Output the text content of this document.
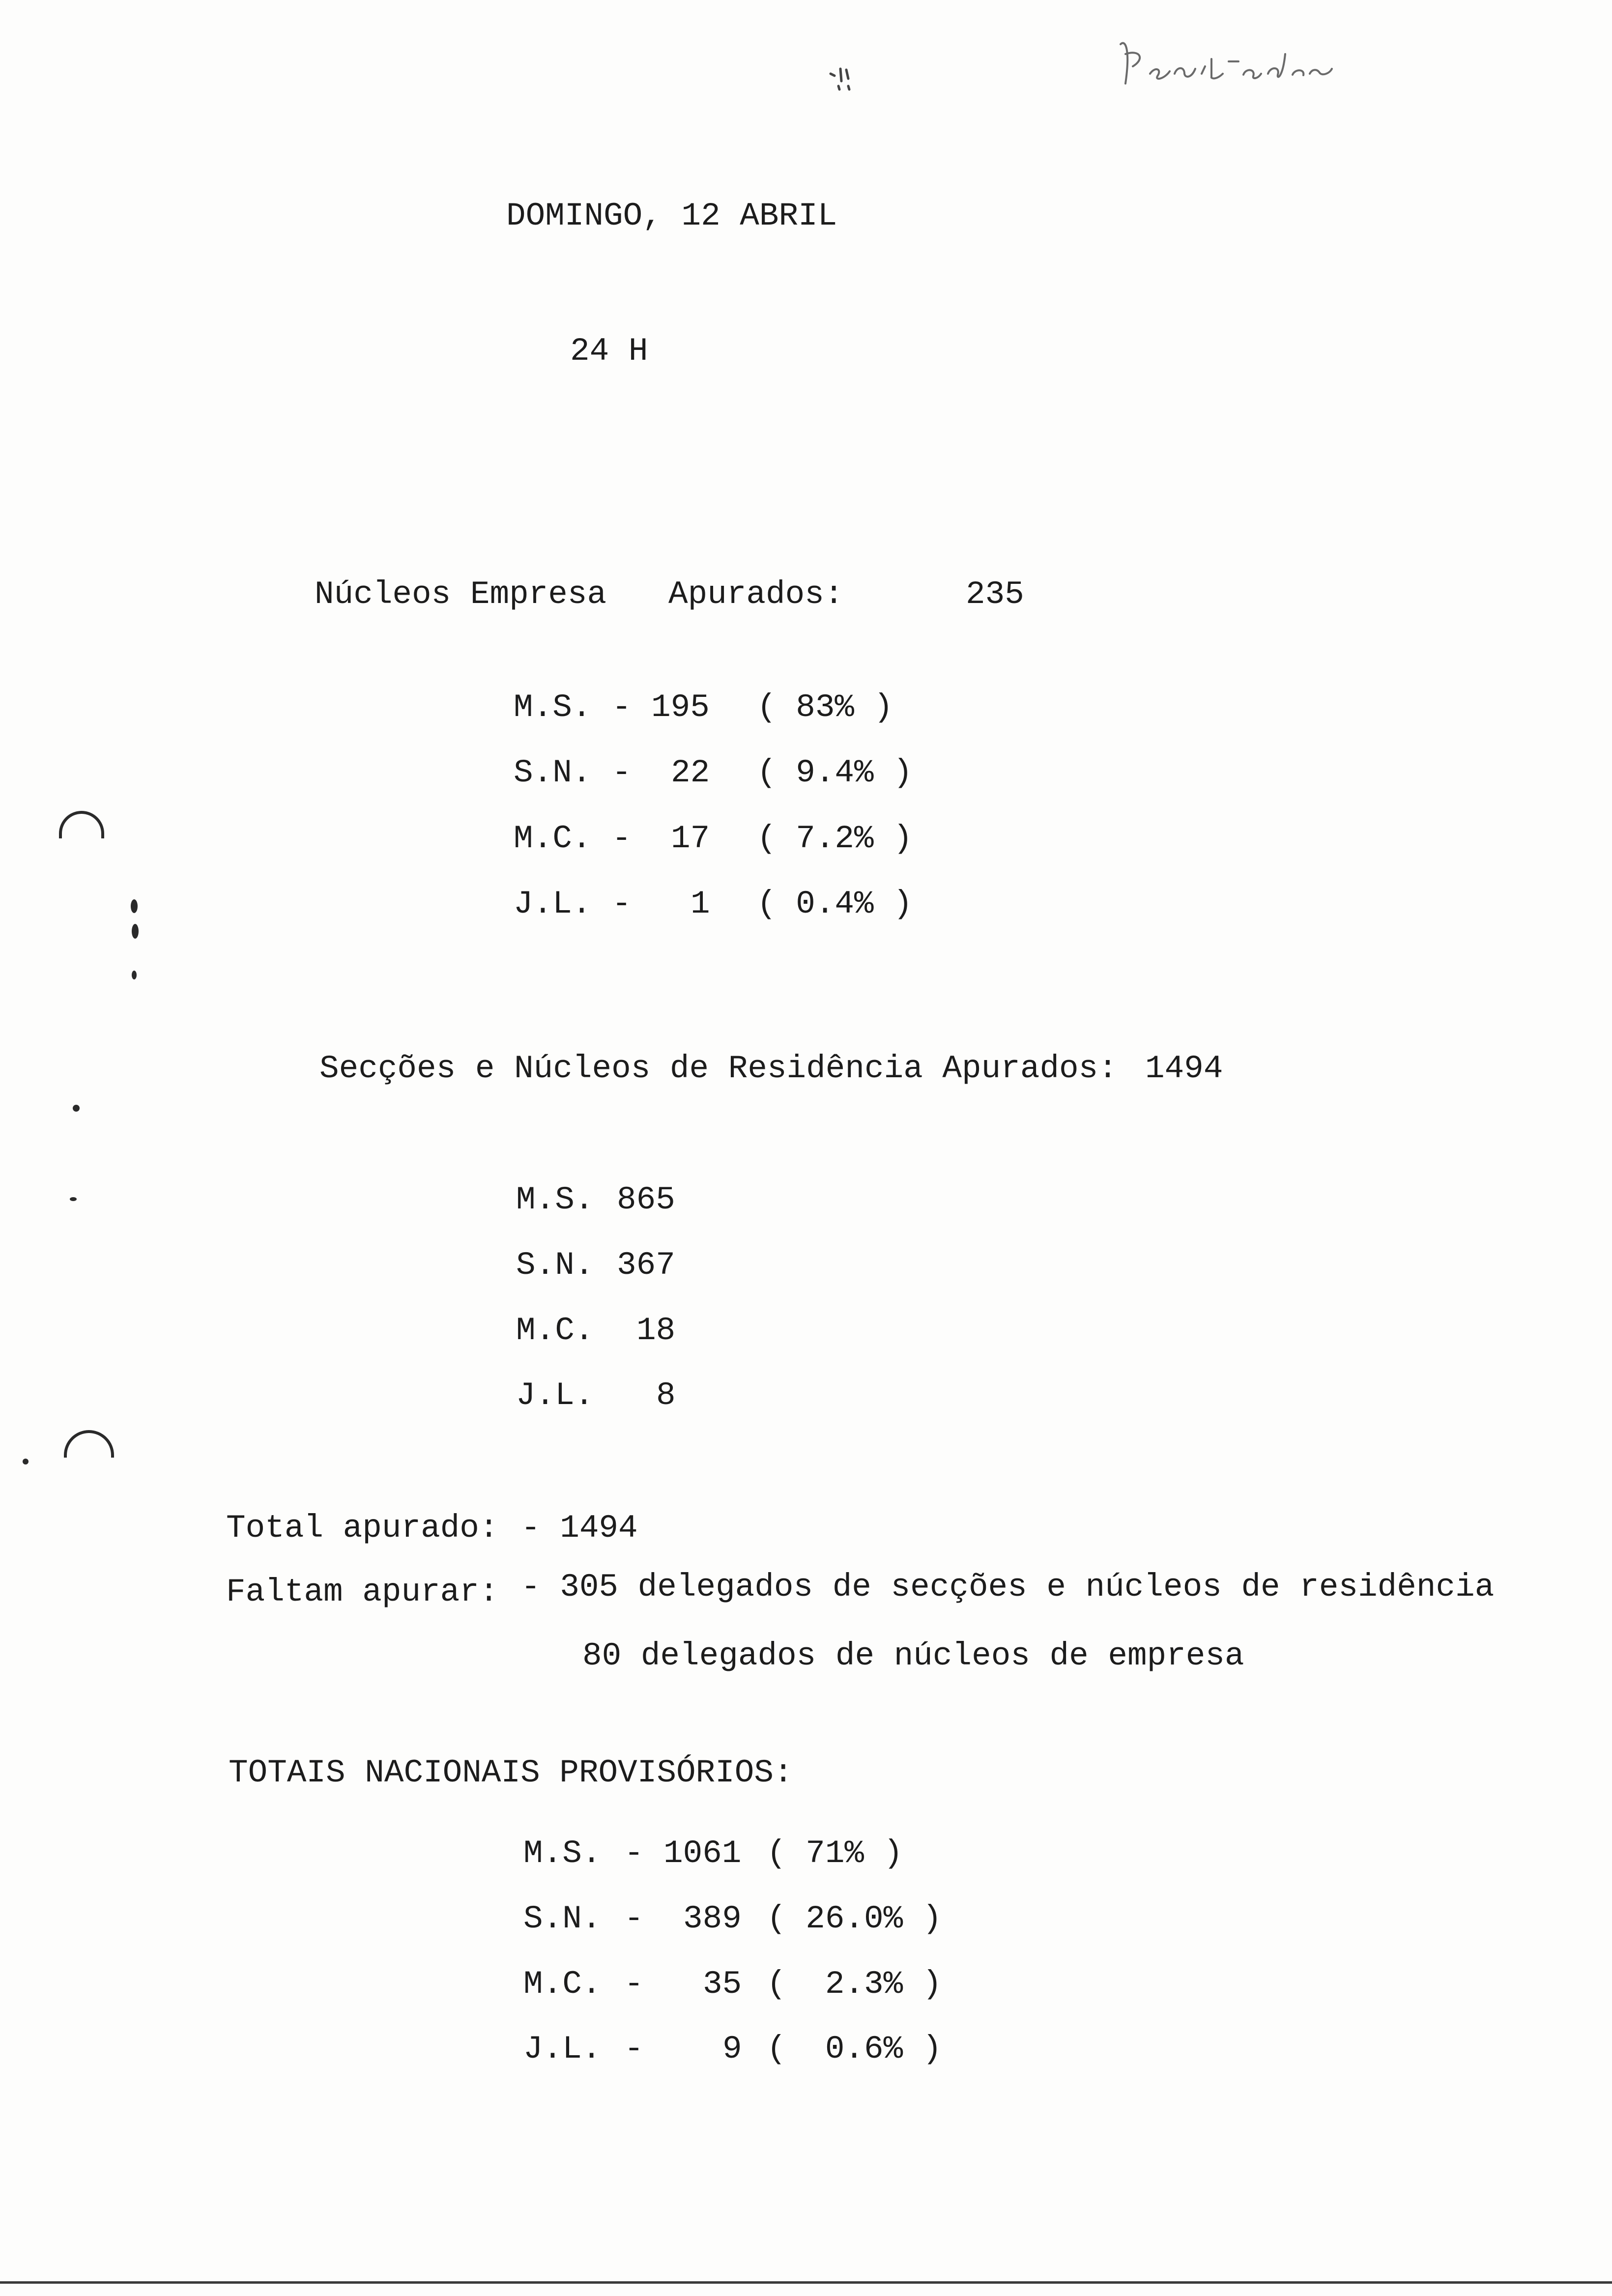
DOMINGO, 12 ABRIL
24 H
Núcleos Empresa Apurados:	235
M.S. - 195 ( 83% )
S.N. - 22 ( 9.4% )
M.C. - 17 ( 7.2% )
J.L. - 1 ( 0.4% )
Secções e Núcleos de Residência Apurados: 1494
M.S. 865
S.N. 367
M.C. 18
J.L. 8
Total apurado: - 1494
Faltam apurar: - 305 delegados de secções e núcleos de residência
80 delegados de núcleos de empresa
TOTAIS NACIONAIS PROVISÓRIOS:
M.S. - 1061 ( 71% )
S.N. - 389 ( 26.0% )
M.C. - 35 (  2.3% )
J.L. - 9 (  0.6% )
